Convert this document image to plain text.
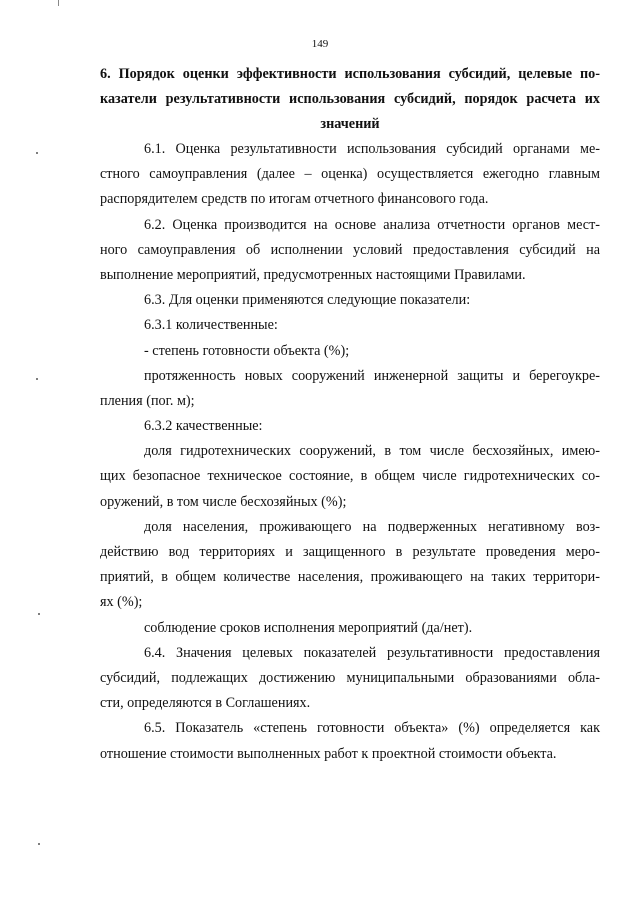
149
6. Порядок оценки эффективности использования субсидий, целевые по-
казатели результативности использования субсидий, порядок расчета их
значений
6.1. Оценка результативности использования субсидий органами ме-
стного самоуправления (далее – оценка) осуществляется ежегодно главным
распорядителем средств по итогам отчетного финансового года.
6.2. Оценка производится на основе анализа отчетности органов мест-
ного самоуправления об исполнении условий предоставления субсидий на
выполнение мероприятий, предусмотренных настоящими Правилами.
6.3. Для оценки применяются следующие показатели:
6.3.1 количественные:
- степень готовности объекта (%);
протяженность новых сооружений инженерной защиты и берегоукре-
пления (пог. м);
6.3.2 качественные:
доля гидротехнических сооружений, в том числе бесхозяйных, имею-
щих безопасное техническое состояние, в общем числе гидротехнических со-
оружений, в том числе бесхозяйных (%);
доля населения, проживающего на подверженных негативному воз-
действию вод территориях и защищенного в результате проведения меро-
приятий, в общем количестве населения, проживающего на таких территори-
ях (%);
соблюдение сроков исполнения мероприятий (да/нет).
6.4. Значения целевых показателей результативности предоставления
субсидий, подлежащих достижению муниципальными образованиями обла-
сти, определяются в Соглашениях.
6.5. Показатель «степень готовности объекта» (%) определяется как
отношение стоимости выполненных работ к проектной стоимости объекта.
